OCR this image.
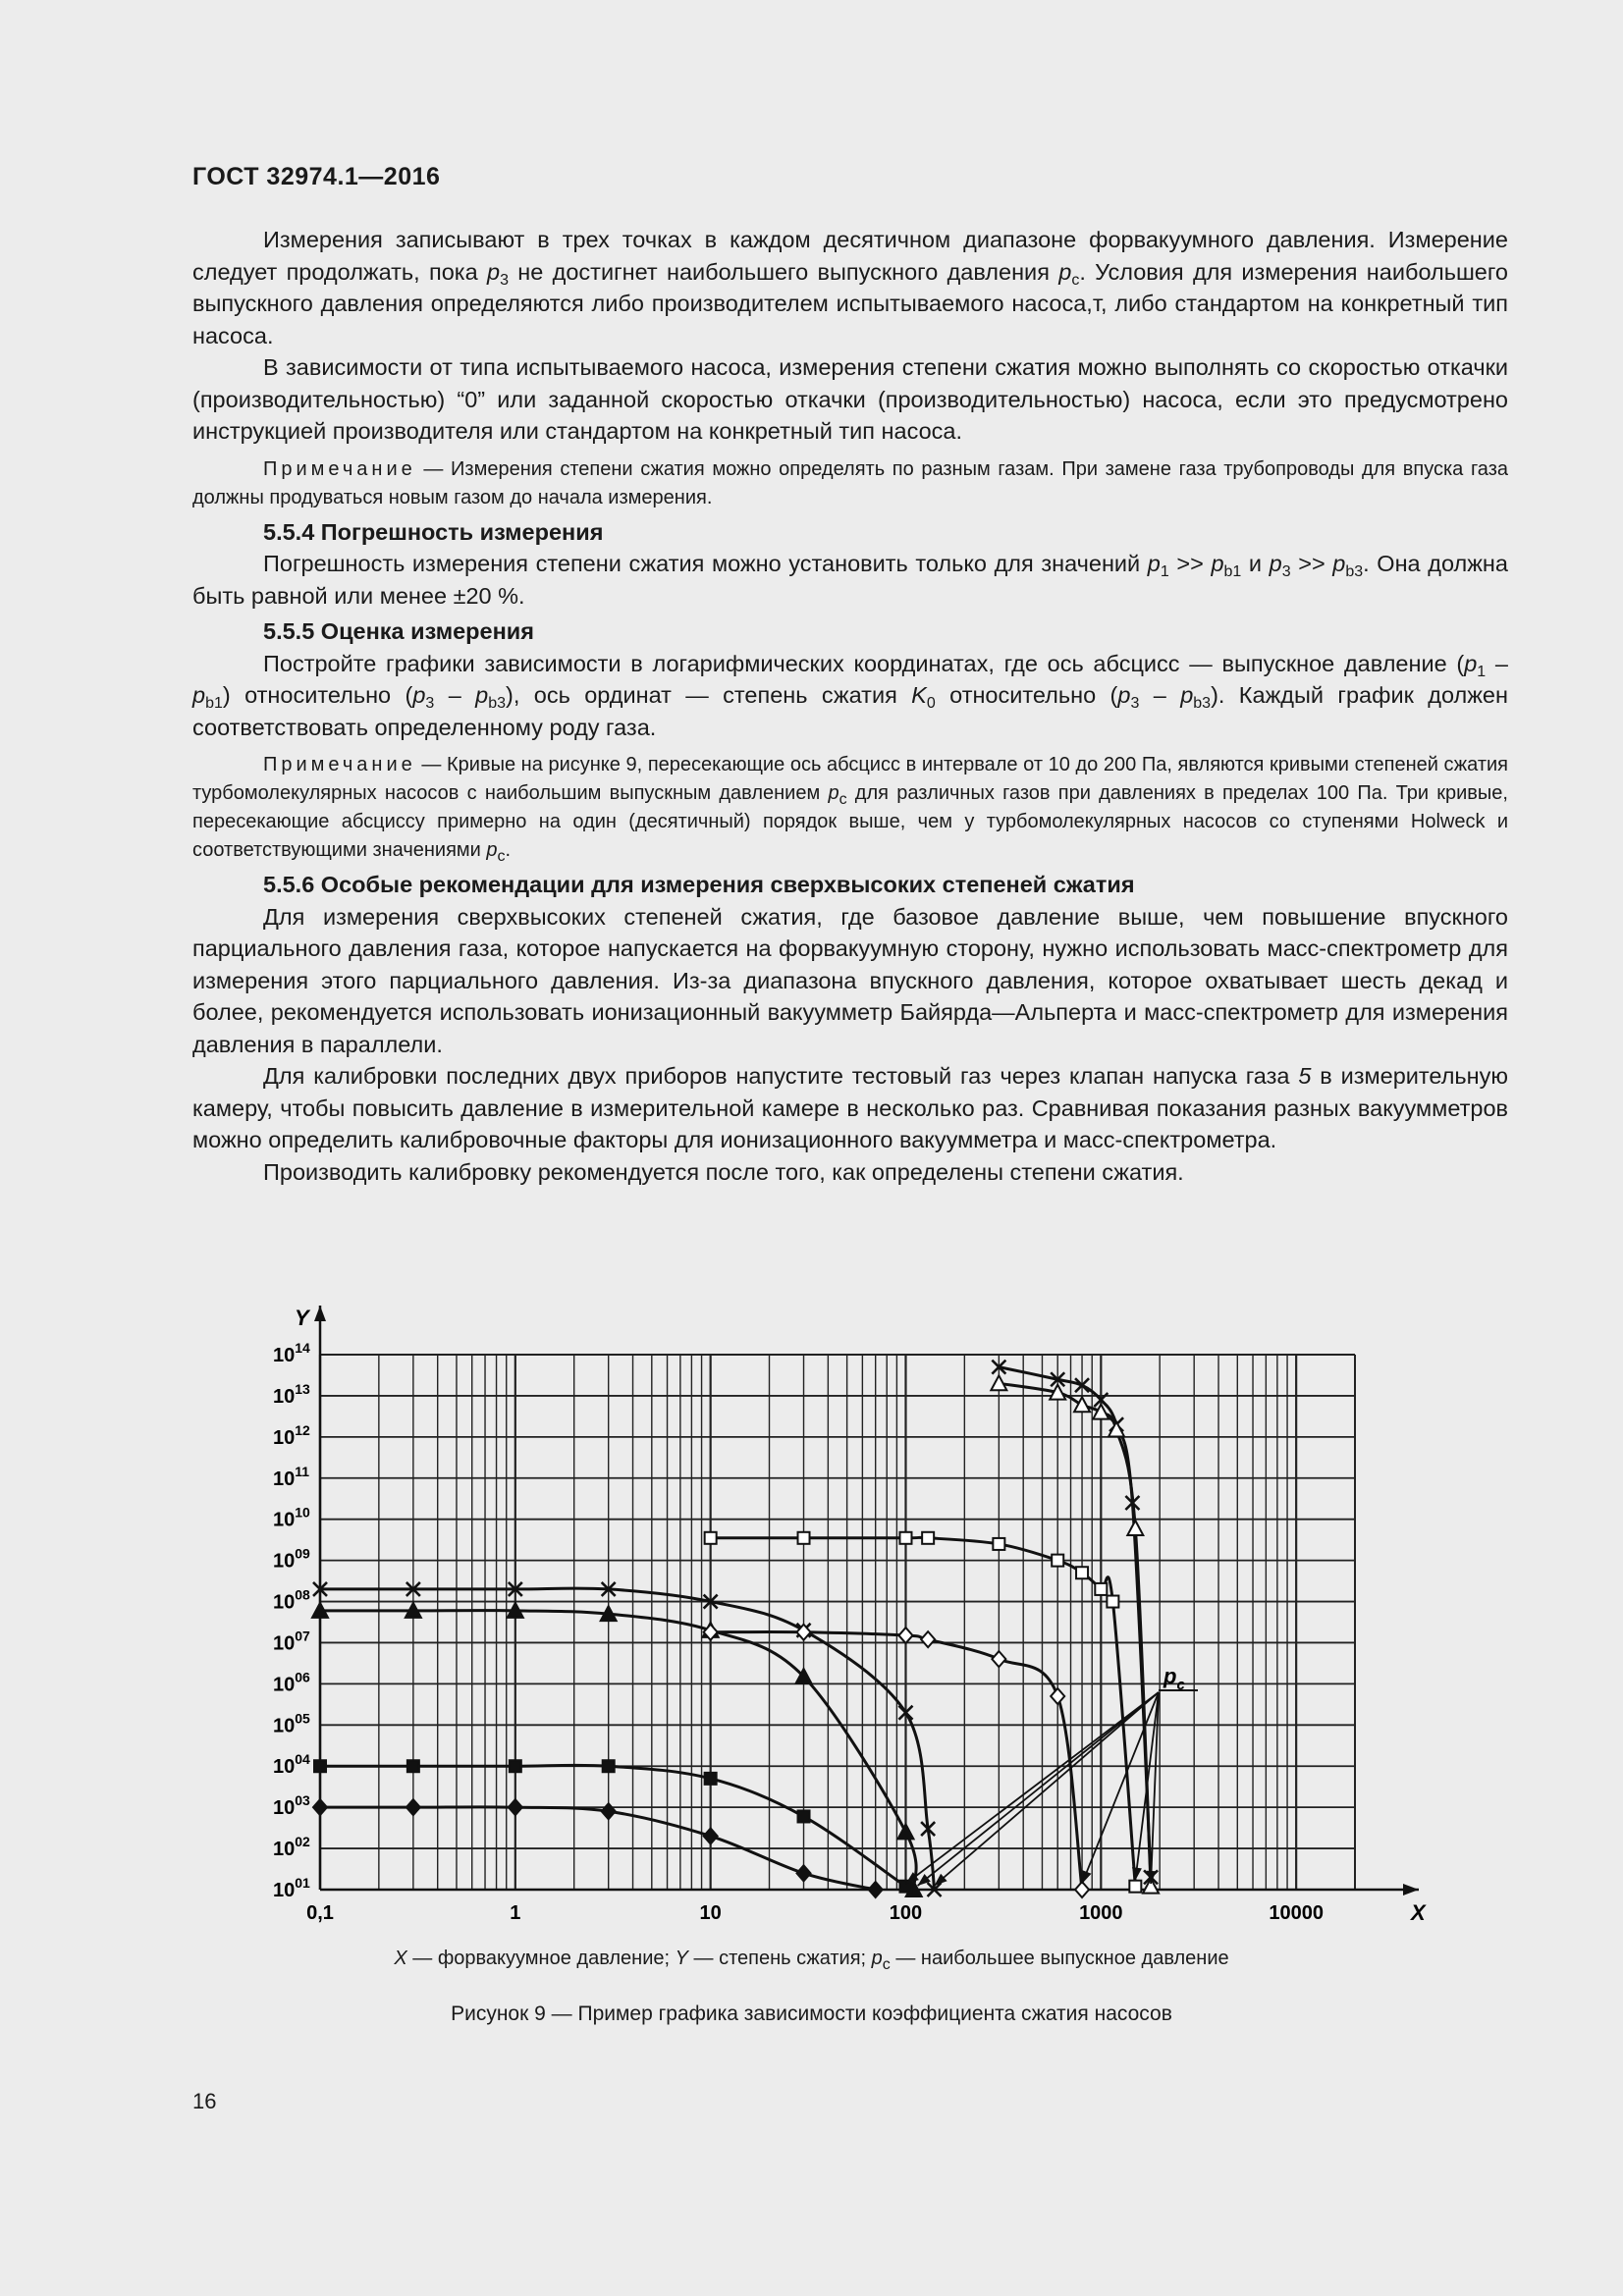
ГОСТ 32974.1—2016

Измерения записывают в трех точках в каждом десятичном диапазоне форвакуумного давления. Измерение следует продолжать, пока $p_3$ не достигнет наибольшего выпускного давления $p_c$. Условия для измерения наибольшего выпускного давления определяются либо производителем испытываемого насоса,т, либо стандартом на конкретный тип насоса.

В зависимости от типа испытываемого насоса, измерения степени сжатия можно выполнять со скоростью откачки (производительностью) “0” или заданной скоростью откачки (производительностью) насоса, если это предусмотрено инструкцией производителя или стандартом на конкретный тип насоса.

Примечание — Измерения степени сжатия можно определять по разным газам. При замене газа трубопроводы для впуска газа должны продуваться новым газом до начала измерения.

5.5.4 Погрешность измерения

Погрешность измерения степени сжатия можно установить только для значений $p_1 >> p_{b1}$ и $p_3 >> p_{b3}$. Она должна быть равной или менее ±20 %.

5.5.5 Оценка измерения

Постройте графики зависимости в логарифмических координатах, где ось абсцисс — выпускное давление $(p_1 - p_{b1})$ относительно $(p_3 - p_{b3})$, ось ординат — степень сжатия $K_0$ относительно $(p_3 - p_{b3})$. Каждый график должен соответствовать определенному роду газа.

Примечание — Кривые на рисунке 9, пересекающие ось абсцисс в интервале от 10 до 200 Па, являются кривыми степеней сжатия турбомолекулярных насосов с наибольшим выпускным давлением $p_c$ для различных газов при давлениях в пределах 100 Па. Три кривые, пересекающие абсциссу примерно на один (десятичный) порядок выше, чем у турбомолекулярных насосов со ступенями Holweck и соответствующими значениями $p_c$.

5.5.6 Особые рекомендации для измерения сверхвысоких степеней сжатия

Для измерения сверхвысоких степеней сжатия, где базовое давление выше, чем повышение впускного парциального давления газа, которое напускается на форвакуумную сторону, нужно использовать масс-спектрометр для измерения этого парциального давления. Из-за диапазона впускного давления, которое охватывает шесть декад и более, рекомендуется использовать ионизационный вакуумметр Байярда—Альперта и масс-спектрометр для измерения давления в параллели.

Для калибровки последних двух приборов напустите тестовый газ через клапан напуска газа 5 в измерительную камеру, чтобы повысить давление в измерительной камере в несколько раз. Сравнивая показания разных вакуумметров можно определить калибровочные факторы для ионизационного вакуумметра и масс-спектрометра.

Производить калибровку рекомендуется после того, как определены степени сжатия.

X
Y
0,1	1	10	100	1000	10000
$10^{01}$
$10^{02}$
$10^{03}$
$10^{04}$
$10^{05}$
$10^{06}$
$10^{07}$
$10^{08}$
$10^{09}$
$10^{10}$
$10^{11}$
$10^{12}$
$10^{13}$
$10^{14}$
$p_c$
X — форвакуумное давление; Y — степень сжатия; $p_c$ — наибольшее выпускное давление
Рисунок 9 — Пример графика зависимости коэффициента сжатия насосов
16
